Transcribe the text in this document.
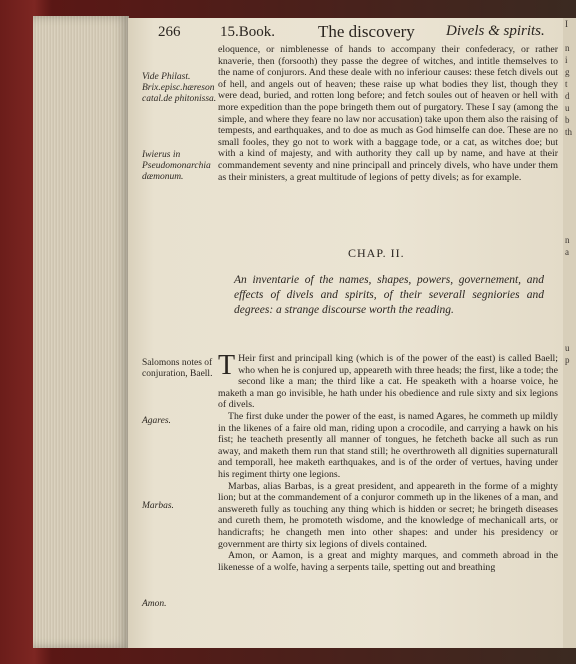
266	15.Book.	The discovery Divels & spirits.
Vide Philast. Brix.episc.hæreson catal.de phitonissa.
Iwierus in Pseudomonarchia dæmonum.

eloquence, or nimblenesse of hands to accompany their confederacy, or rather knaverie, then (forsooth) they passe the degree of witches, and intitle themselves to the name of conjurors. And these deale with no inferiour causes: these fetch divels out of hell, and angels out of heaven; these raise up what bodies they list, though they were dead, buried, and rotten long before; and fetch soules out of heaven or hell with more expedition than the pope bringeth them out of purgatory. These I say (among the simple, and where they feare no law nor accusation) take upon them also the raising of tempests, and earthquakes, and to doe as much as God himselfe can doe. These are no small fooles, they go not to work with a baggage tode, or a cat, as witches doe; but with a kind of majesty, and with authority they call up by name, and have at their commandement seventy and nine principall and princely divels, who have under them as their ministers, a great multitude of legions of petty divels; as for example.

CHAP. II.
An inventarie of the names, shapes, powers, governement, and effects of divels and spirits, of their severall segniories and degrees: a strange discourse worth the reading.
Salomons notes of conjuration, Baell.
Agares.
Marbas.
Amon.

T Heir first and principall king (which is of the power of the east) is called Baell; who when he is conjured up, appeareth with three heads; the first, like a tode; the second like a man; the third like a cat. He speaketh with a hoarse voice, he maketh a man go invisible, he hath under his obedience and rule sixty and six legions of divels.

The first duke under the power of the east, is named Agares, he commeth up mildly in the likenes of a faire old man, riding upon a crocodile, and carrying a hawk on his fist; he teacheth presently all manner of tongues, he fetcheth backe all such as run away, and maketh them run that stand still; he overthroweth all dignities supernaturall and temporall, hee maketh earthquakes, and is of the order of vertues, having under his regiment thirty one legions.

Marbas, alias Barbas, is a great president, and appeareth in the forme of a mighty lion; but at the commandement of a conjuror commeth up in the likenes of a man, and answereth fully as touching any thing which is hidden or secret; he bringeth diseases and cureth them, he promoteth wisdome, and the knowledge of mechanicall arts, or handicrafts; he changeth men into other shapes: and under his presidency or government are thirty six legions of divels contained.

Amon, or Aamon, is a great and mighty marques, and commeth abroad in the likenesse of a wolfe, having a serpents taile, spetting out and breathing

I

n
i
g
t
d
u
b
th

n
a

u
p
